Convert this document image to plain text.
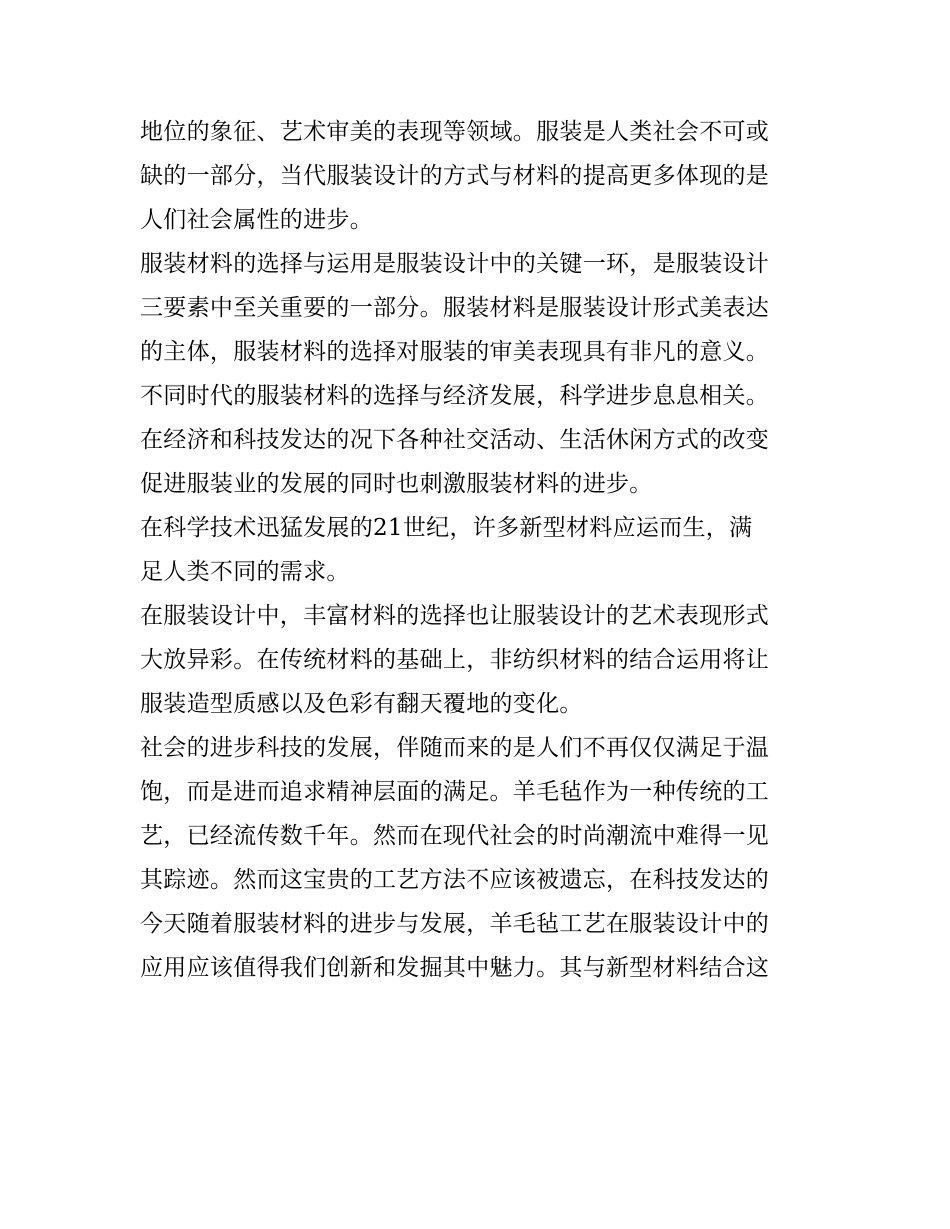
地位的象征、艺术审美的表现等领域。服装是人类社会不可或
缺的一部分，当代服装设计的方式与材料的提高更多体现的是
人们社会属性的进步。
服装材料的选择与运用是服装设计中的关键一环，是服装设计
三要素中至关重要的一部分。服装材料是服装设计形式美表达
的主体，服装材料的选择对服装的审美表现具有非凡的意义。
不同时代的服装材料的选择与经济发展，科学进步息息相关。
在经济和科技发达的况下各种社交活动、生活休闲方式的改变
促进服装业的发展的同时也刺激服装材料的进步。
在科学技术迅猛发展的21世纪，许多新型材料应运而生，满
足人类不同的需求。
在服装设计中，丰富材料的选择也让服装设计的艺术表现形式
大放异彩。在传统材料的基础上，非纺织材料的结合运用将让
服装造型质感以及色彩有翻天覆地的变化。
社会的进步科技的发展，伴随而来的是人们不再仅仅满足于温
饱，而是进而追求精神层面的满足。羊毛毡作为一种传统的工
艺，已经流传数千年。然而在现代社会的时尚潮流中难得一见
其踪迹。然而这宝贵的工艺方法不应该被遗忘，在科技发达的
今天随着服装材料的进步与发展，羊毛毡工艺在服装设计中的
应用应该值得我们创新和发掘其中魅力。其与新型材料结合这
